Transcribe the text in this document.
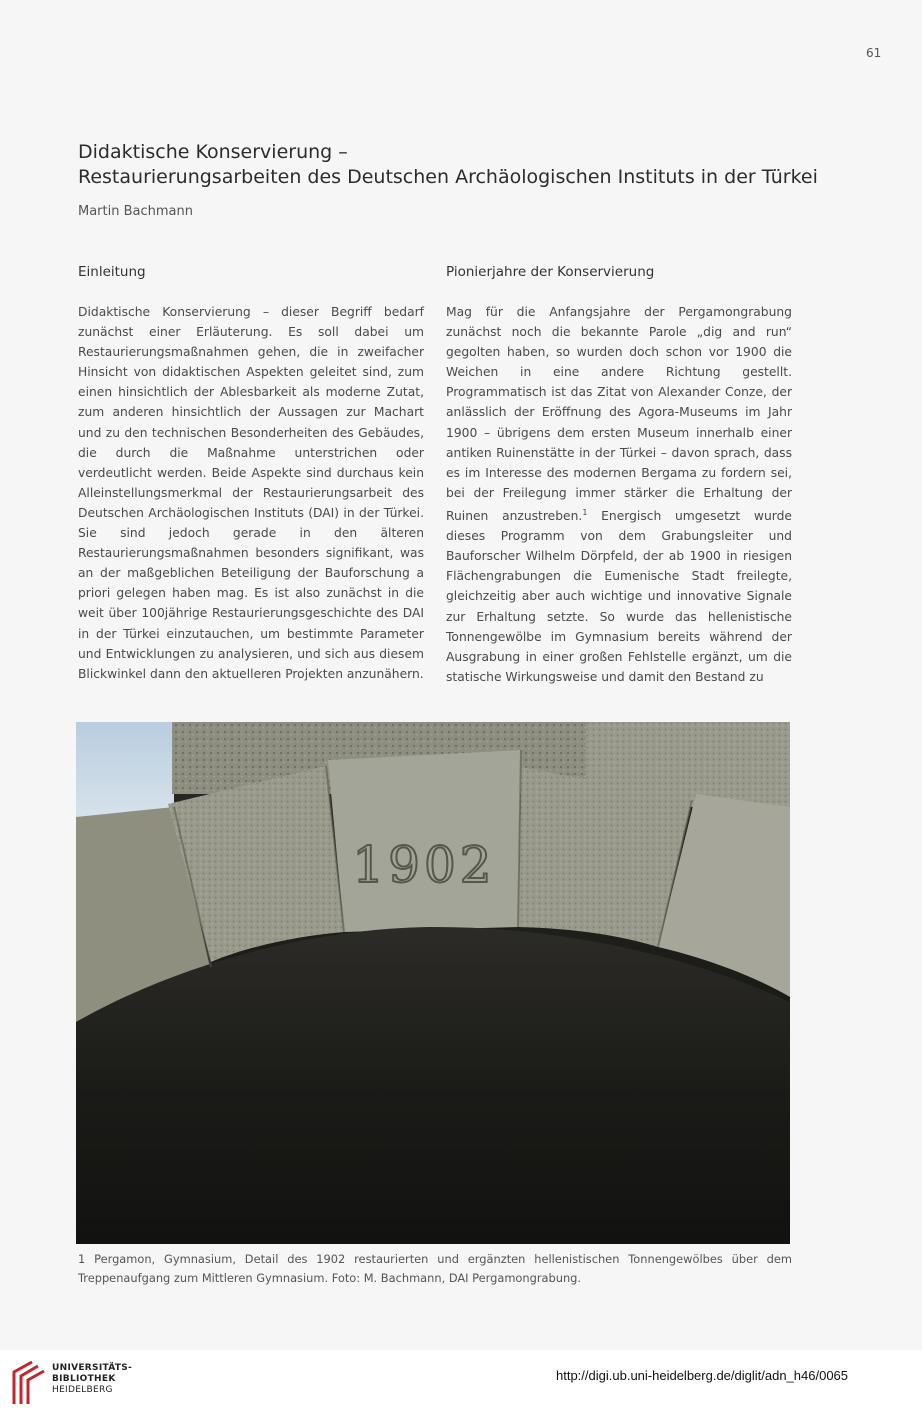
61
Didaktische Konservierung –
Restaurierungsarbeiten des Deutschen Archäologischen Instituts in der Türkei
Martin Bachmann
Einleitung

Didaktische Konservierung – dieser Begriff bedarf zunächst einer Erläuterung. Es soll dabei um Restaurierungsmaßnahmen gehen, die in zweifacher Hinsicht von didaktischen Aspekten geleitet sind, zum einen hinsichtlich der Ablesbarkeit als moderne Zutat, zum anderen hinsichtlich der Aussagen zur Machart und zu den technischen Besonderheiten des Gebäudes, die durch die Maßnahme unterstrichen oder verdeutlicht werden. Beide Aspekte sind durchaus kein Alleinstellungsmerkmal der Restaurierungsarbeit des Deutschen Archäologischen Instituts (DAI) in der Türkei. Sie sind jedoch gerade in den älteren Restaurierungsmaßnahmen besonders signifikant, was an der maßgeblichen Beteiligung der Bauforschung a priori gelegen haben mag. Es ist also zunächst in die weit über 100jährige Restaurierungsgeschichte des DAI in der Türkei einzutauchen, um bestimmte Parameter und Entwicklungen zu analysieren, und sich aus diesem Blickwinkel dann den aktuelleren Projekten anzunähern.

Pionierjahre der Konservierung

Mag für die Anfangsjahre der Pergamongrabung zunächst noch die bekannte Parole „dig and run“ gegolten haben, so wurden doch schon vor 1900 die Weichen in eine andere Richtung gestellt. Programmatisch ist das Zitat von Alexander Conze, der anlässlich der Eröffnung des Agora-Museums im Jahr 1900 – übrigens dem ersten Museum innerhalb einer antiken Ruinenstätte in der Türkei – davon sprach, dass es im Interesse des modernen Bergama zu fordern sei, bei der Freilegung immer stärker die Erhaltung der Ruinen anzustreben.$^1$ Energisch umgesetzt wurde dieses Programm von dem Grabungsleiter und Bauforscher Wilhelm Dörpfeld, der ab 1900 in riesigen Flächengrabungen die Eumenische Stadt freilegte, gleichzeitig aber auch wichtige und innovative Signale zur Erhaltung setzte. So wurde das hellenistische Tonnengewölbe im Gymnasium bereits während der Ausgrabung in einer großen Fehlstelle ergänzt, um die statische Wirkungsweise und damit den Bestand zu

1902

1 Pergamon, Gymnasium, Detail des 1902 restaurierten und ergänzten hellenistischen Tonnengewölbes über dem Treppenaufgang zum Mittleren Gymnasium. Foto: M. Bachmann, DAI Pergamongrabung.

UNIVERSITÄTS-
BIBLIOTHEK
HEIDELBERG
http://digi.ub.uni-heidelberg.de/diglit/adn_h46/0065
